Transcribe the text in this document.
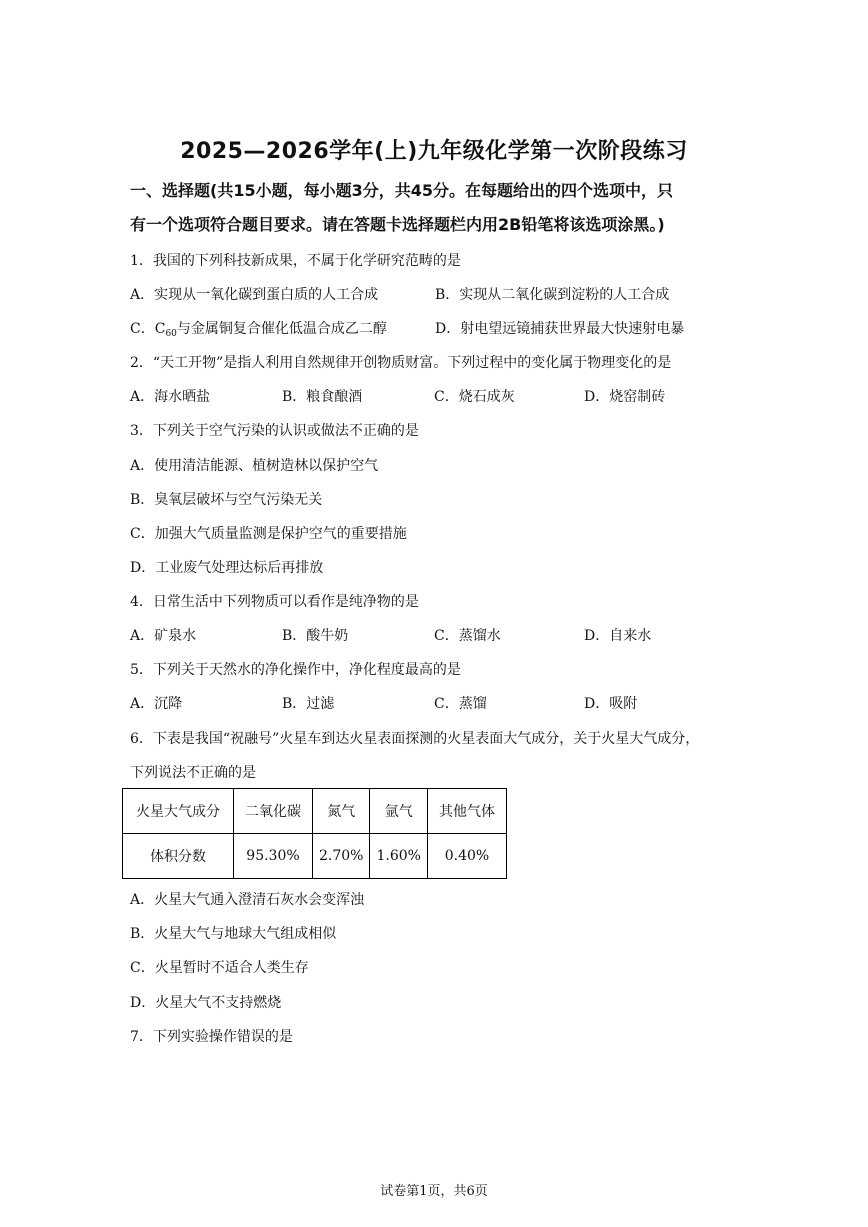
2025—2026学年(上)九年级化学第一次阶段练习
一、选择题(共15小题，每小题3分，共45分。在每题给出的四个选项中，只
有一个选项符合题目要求。请在答题卡选择题栏内用2B铅笔将该选项涂黑。)
1．我国的下列科技新成果，不属于化学研究范畴的是
A．实现从一氧化碳到蛋白质的人工合成	B．实现从二氧化碳到淀粉的人工合成
C．$C_{60}$与金属铜复合催化低温合成乙二醇	D．射电望远镜捕获世界最大快速射电暴
2．“天工开物”是指人利用自然规律开创物质财富。下列过程中的变化属于物理变化的是
A．海水晒盐	B．粮食酿酒	C．烧石成灰	D．烧窑制砖
3．下列关于空气污染的认识或做法不正确的是
A．使用清洁能源、植树造林以保护空气
B．臭氧层破坏与空气污染无关
C．加强大气质量监测是保护空气的重要措施
D．工业废气处理达标后再排放
4．日常生活中下列物质可以看作是纯净物的是
A．矿泉水	B．酸牛奶	C．蒸馏水	D．自来水
5．下列关于天然水的净化操作中，净化程度最高的是
A．沉降	B．过滤	C．蒸馏	D．吸附
6．下表是我国“祝融号”火星车到达火星表面探测的火星表面大气成分，关于火星大气成分，
下列说法不正确的是
火星大气成分	二氧化碳	氮气	氩气	其他气体
体积分数	95.30%	2.70%	1.60%	0.40%
A．火星大气通入澄清石灰水会变浑浊
B．火星大气与地球大气组成相似
C．火星暂时不适合人类生存
D．火星大气不支持燃烧
7．下列实验操作错误的是
试卷第1页，共6页
